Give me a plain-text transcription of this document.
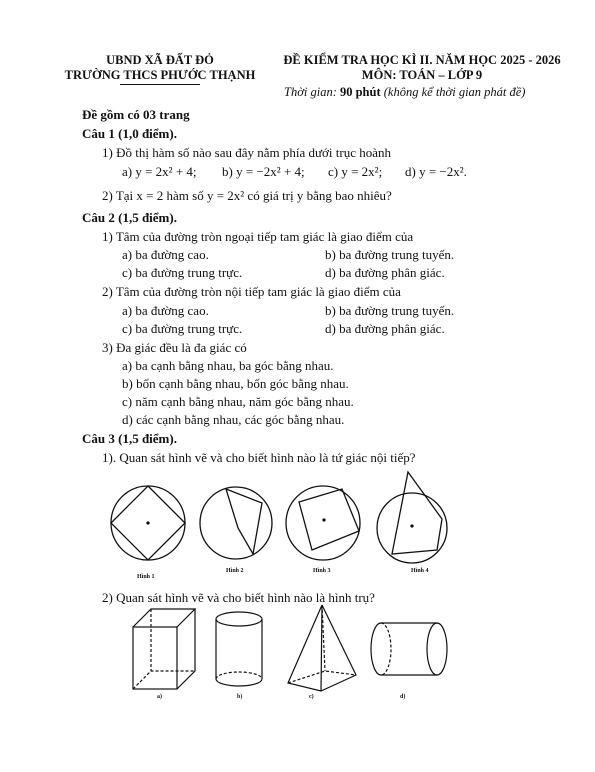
UBND XÃ ĐẤT ĐỎ
TRƯỜNG THCS PHƯỚC THẠNH
ĐỀ KIỂM TRA HỌC KÌ II. NĂM HỌC 2025 - 2026
MÔN: TOÁN – LỚP 9
Thời gian: 90 phút (không kể thời gian phát đề)
Đề gồm có 03 trang
Câu 1 (1,0 điểm).
1) Đồ thị hàm số nào sau đây nằm phía dưới trục hoành
a) y = 2x² + 4; b) y = −2x² + 4; c) y = 2x²; d) y = −2x².
2) Tại x = 2 hàm số y = 2x² có giá trị y bằng bao nhiêu?
Câu 2 (1,5 điểm).
1) Tâm của đường tròn ngoại tiếp tam giác là giao điểm của
a) ba đường cao.	b) ba đường trung tuyến.
c) ba đường trung trực.	d) ba đường phân giác.
2) Tâm của đường tròn nội tiếp tam giác là giao điểm của
a) ba đường cao.	b) ba đường trung tuyến.
c) ba đường trung trực.	d) ba đường phân giác.
3) Đa giác đều là đa giác có
a) ba cạnh bằng nhau, ba góc bằng nhau.
b) bốn cạnh bằng nhau, bốn góc bằng nhau.
c) năm cạnh bằng nhau, năm góc bằng nhau.
d) các cạnh bằng nhau, các góc bằng nhau.
Câu 3 (1,5 điểm).
1). Quan sát hình vẽ và cho biết hình nào là tứ giác nội tiếp?
Hình 1
Hình 2	Hình 3	Hình 4
2) Quan sát hình vẽ và cho biết hình nào là hình trụ?
a)	b)	c)	d)
